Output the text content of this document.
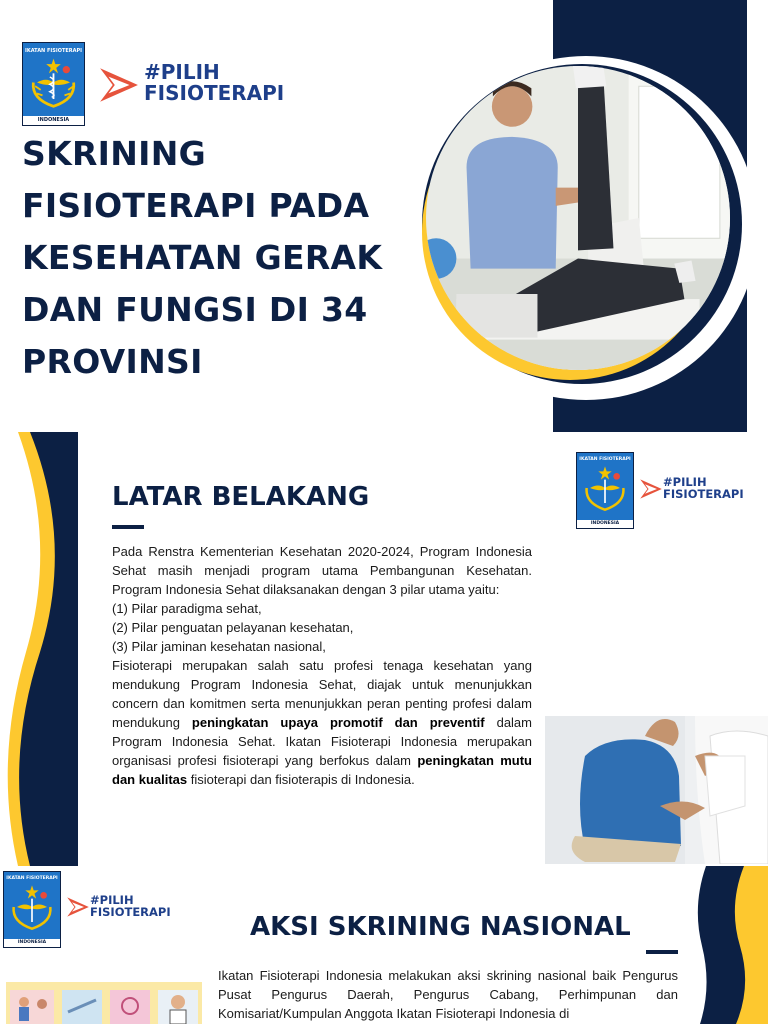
IKATAN FISIOTERAPI
INDONESIA
#PILIH
FISIOTERAPI
SKRINING
FISIOTERAPI PADA
KESEHATAN GERAK
DAN FUNGSI DI 34
PROVINSI
LATAR BELAKANG
IKATAN FISIOTERAPI
INDONESIA
#PILIH
FISIOTERAPI

Pada Renstra Kementerian Kesehatan 2020-2024, Program Indonesia Sehat masih menjadi program utama Pembangunan Kesehatan. Program Indonesia Sehat dilaksanakan dengan 3 pilar utama yaitu:

(1) Pilar paradigma sehat,

(2) Pilar penguatan pelayanan kesehatan,

(3) Pilar jaminan kesehatan nasional,

Fisioterapi merupakan salah satu profesi tenaga kesehatan yang mendukung Program Indonesia Sehat, diajak untuk menunjukkan concern dan komitmen serta menunjukkan peran penting profesi dalam mendukung peningkatan upaya promotif dan preventif dalam Program Indonesia Sehat. Ikatan Fisioterapi Indonesia merupakan organisasi profesi fisioterapi yang berfokus dalam peningkatan mutu dan kualitas fisioterapi dan fisioterapis di Indonesia.

IKATAN FISIOTERAPI
INDONESIA
#PILIH
FISIOTERAPI	AKSI SKRINING NASIONAL

Ikatan Fisioterapi Indonesia melakukan aksi skrining nasional baik Pengurus Pusat Pengurus Daerah, Pengurus Cabang, Perhimpunan dan Komisariat/Kumpulan Anggota Ikatan Fisioterapi Indonesia di
